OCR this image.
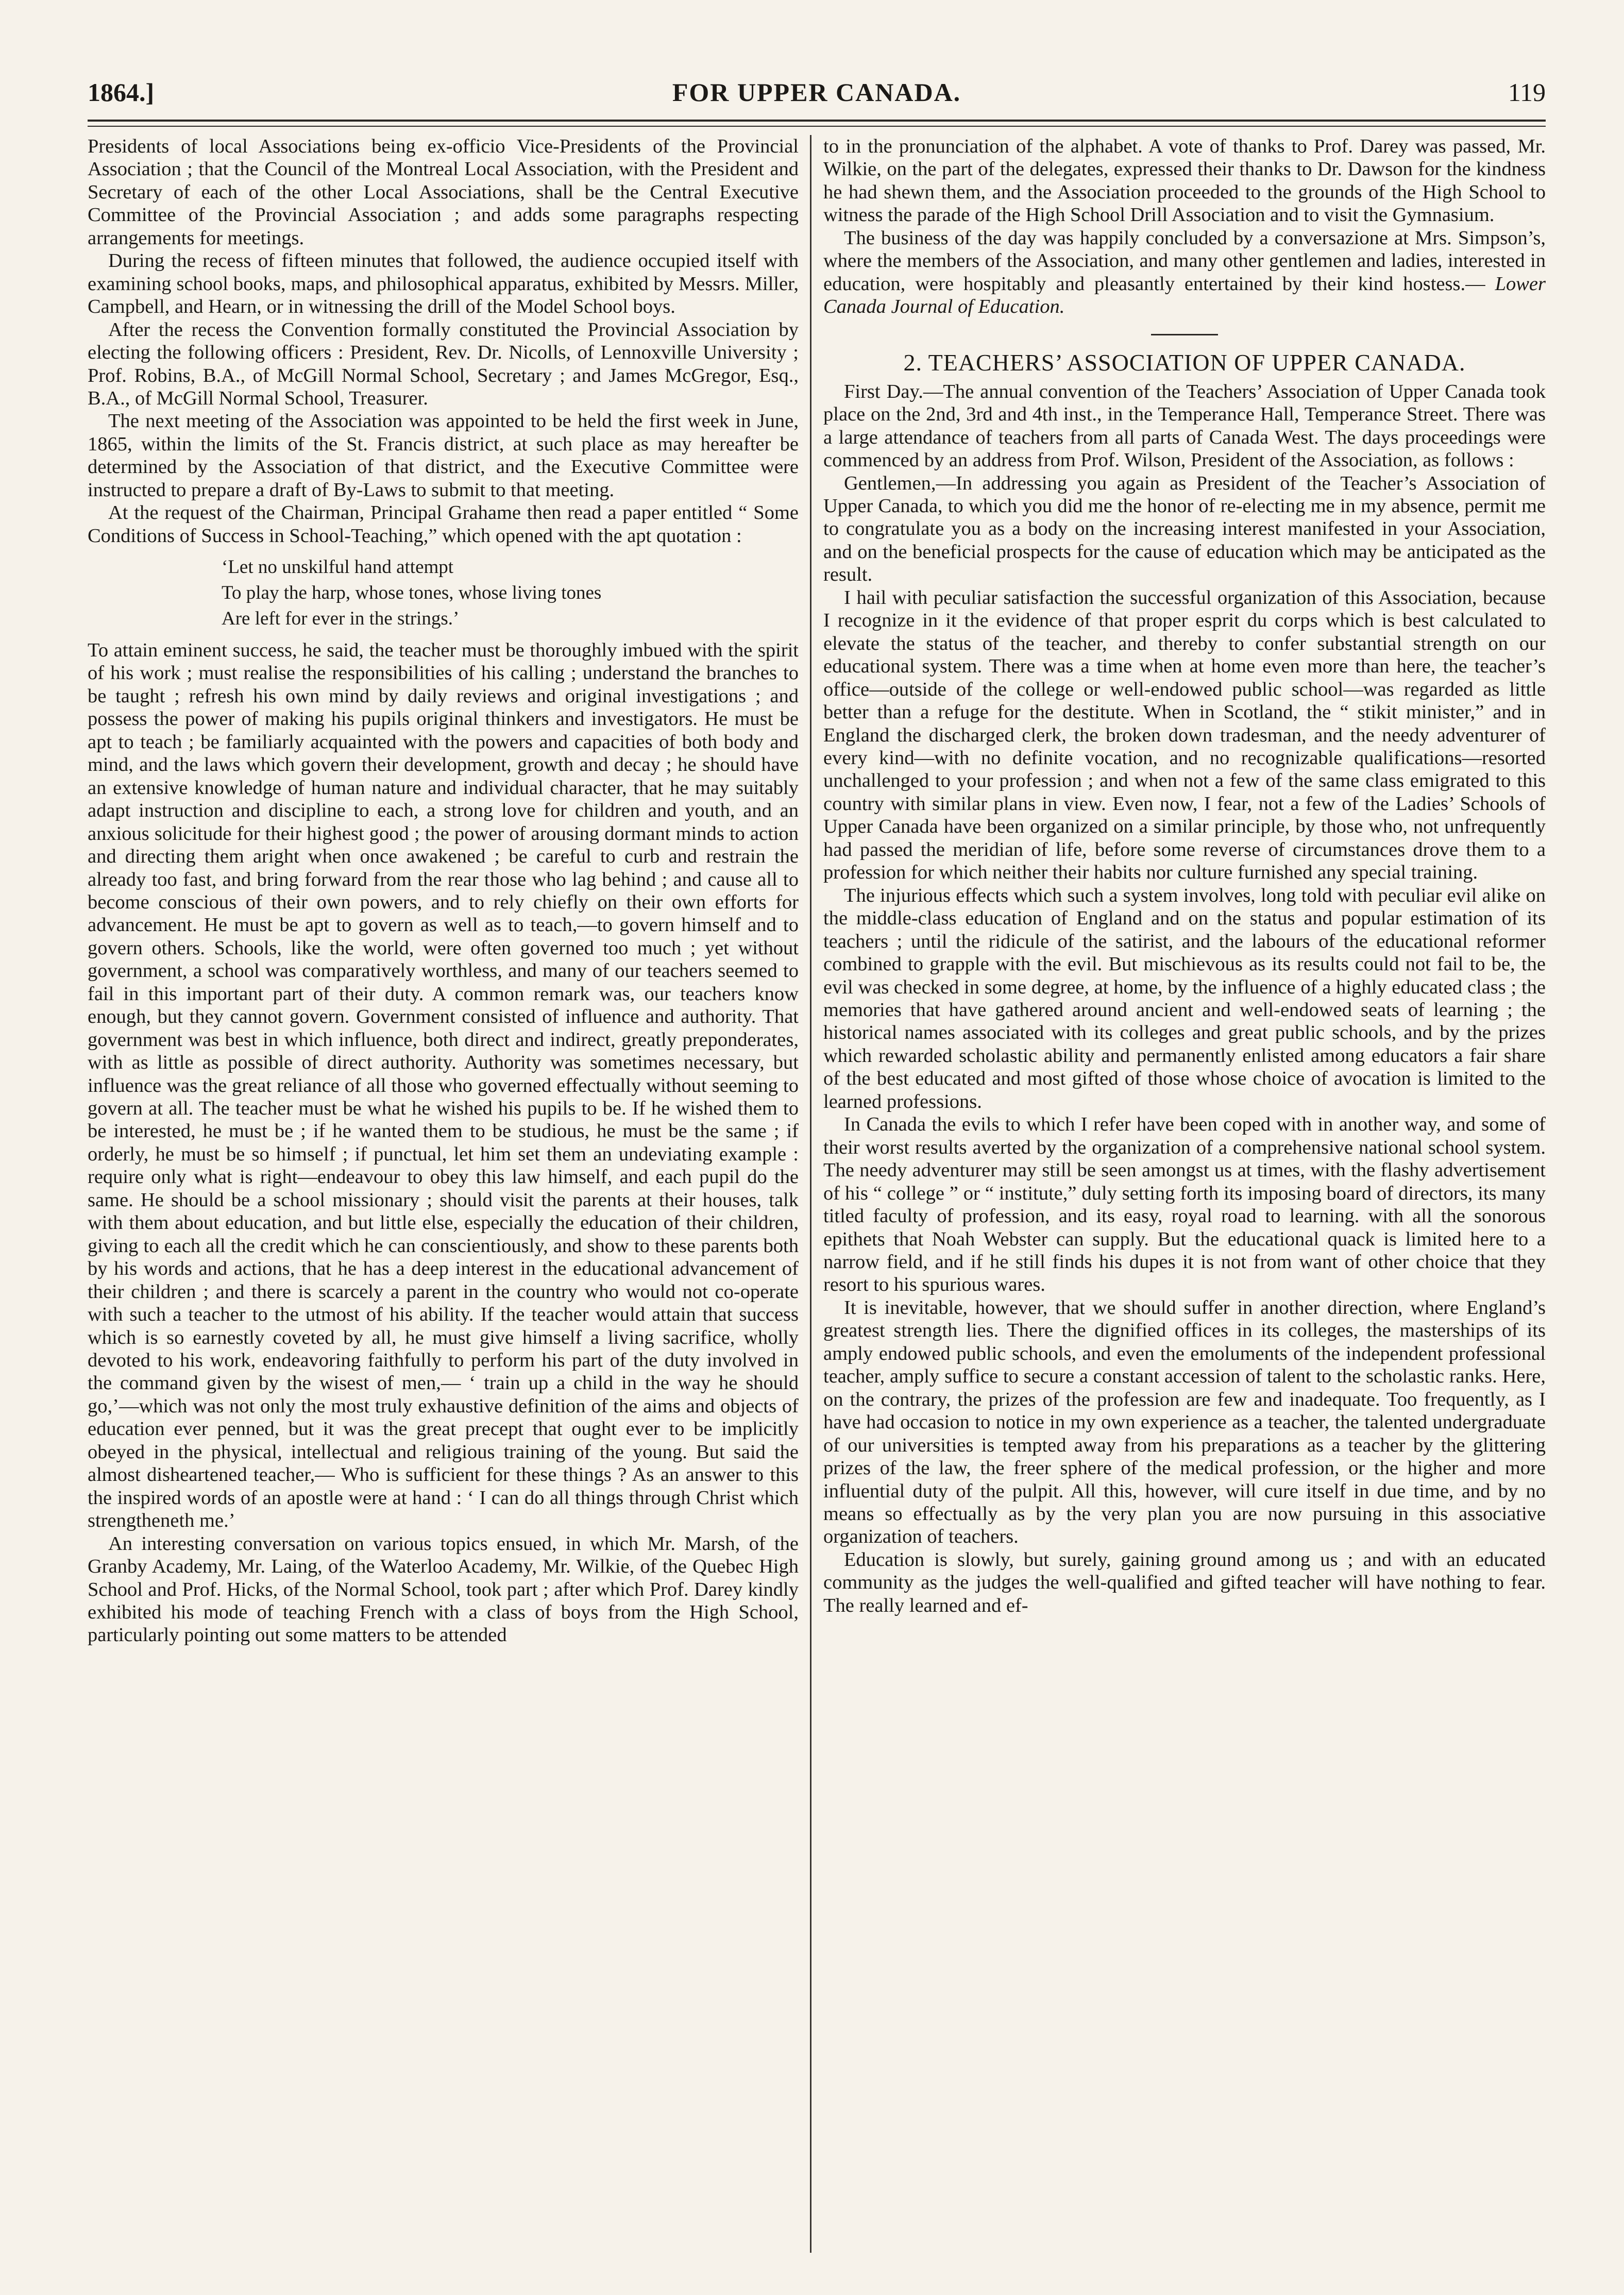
1864.]	FOR UPPER CANADA.	119

Presidents of local Associations being ex-officio Vice-Presidents of the Provincial Association ; that the Council of the Montreal Local Association, with the President and Secretary of each of the other Local Associations, shall be the Central Executive Committee of the Provincial Association ; and adds some paragraphs respecting arrangements for meetings.

During the recess of fifteen minutes that followed, the audience occupied itself with examining school books, maps, and philosophical apparatus, exhibited by Messrs. Miller, Campbell, and Hearn, or in witnessing the drill of the Model School boys.

After the recess the Convention formally constituted the Provincial Association by electing the following officers : President, Rev. Dr. Nicolls, of Lennoxville University ; Prof. Robins, B.A., of McGill Normal School, Secretary ; and James McGregor, Esq., B.A., of McGill Normal School, Treasurer.

The next meeting of the Association was appointed to be held the first week in June, 1865, within the limits of the St. Francis district, at such place as may hereafter be determined by the Association of that district, and the Executive Committee were instructed to prepare a draft of By-Laws to submit to that meeting.

At the request of the Chairman, Principal Grahame then read a paper entitled “ Some Conditions of Success in School-Teaching,” which opened with the apt quotation :

‘Let no unskilful hand attempt
To play the harp, whose tones, whose living tones
Are left for ever in the strings.’

To attain eminent success, he said, the teacher must be thoroughly imbued with the spirit of his work ; must realise the responsibilities of his calling ; understand the branches to be taught ; refresh his own mind by daily reviews and original investigations ; and possess the power of making his pupils original thinkers and investigators. He must be apt to teach ; be familiarly acquainted with the powers and capacities of both body and mind, and the laws which govern their development, growth and decay ; he should have an extensive knowledge of human nature and individual character, that he may suitably adapt instruction and discipline to each, a strong love for children and youth, and an anxious solicitude for their highest good ; the power of arousing dormant minds to action and directing them aright when once awakened ; be careful to curb and restrain the already too fast, and bring forward from the rear those who lag behind ; and cause all to become conscious of their own powers, and to rely chiefly on their own efforts for advancement. He must be apt to govern as well as to teach,—to govern himself and to govern others. Schools, like the world, were often governed too much ; yet without government, a school was comparatively worthless, and many of our teachers seemed to fail in this important part of their duty. A common remark was, our teachers know enough, but they cannot govern. Government consisted of influence and authority. That government was best in which influence, both direct and indirect, greatly preponderates, with as little as possible of direct authority. Authority was sometimes necessary, but influence was the great reliance of all those who governed effectually without seeming to govern at all. The teacher must be what he wished his pupils to be. If he wished them to be interested, he must be ; if he wanted them to be studious, he must be the same ; if orderly, he must be so himself ; if punctual, let him set them an undeviating example : require only what is right—endeavour to obey this law himself, and each pupil do the same. He should be a school missionary ; should visit the parents at their houses, talk with them about education, and but little else, especially the education of their children, giving to each all the credit which he can conscientiously, and show to these parents both by his words and actions, that he has a deep interest in the educational advancement of their children ; and there is scarcely a parent in the country who would not co-operate with such a teacher to the utmost of his ability. If the teacher would attain that success which is so earnestly coveted by all, he must give himself a living sacrifice, wholly devoted to his work, endeavoring faithfully to perform his part of the duty involved in the command given by the wisest of men,— ‘ train up a child in the way he should go,’—which was not only the most truly exhaustive definition of the aims and objects of education ever penned, but it was the great precept that ought ever to be implicitly obeyed in the physical, intellectual and religious training of the young. But said the almost disheartened teacher,— Who is sufficient for these things ? As an answer to this the inspired words of an apostle were at hand : ‘ I can do all things through Christ which strengtheneth me.’

An interesting conversation on various topics ensued, in which Mr. Marsh, of the Granby Academy, Mr. Laing, of the Waterloo Academy, Mr. Wilkie, of the Quebec High School and Prof. Hicks, of the Normal School, took part ; after which Prof. Darey kindly exhibited his mode of teaching French with a class of boys from the High School, particularly pointing out some matters to be attended

to in the pronunciation of the alphabet. A vote of thanks to Prof. Darey was passed, Mr. Wilkie, on the part of the delegates, expressed their thanks to Dr. Dawson for the kindness he had shewn them, and the Association proceeded to the grounds of the High School to witness the parade of the High School Drill Association and to visit the Gymnasium.

The business of the day was happily concluded by a conversazione at Mrs. Simpson’s, where the members of the Association, and many other gentlemen and ladies, interested in education, were hospitably and pleasantly entertained by their kind hostess.— Lower Canada Journal of Education.

2. TEACHERS’ ASSOCIATION OF UPPER CANADA.

First Day.—The annual convention of the Teachers’ Association of Upper Canada took place on the 2nd, 3rd and 4th inst., in the Temperance Hall, Temperance Street. There was a large attendance of teachers from all parts of Canada West. The days proceedings were commenced by an address from Prof. Wilson, President of the Association, as follows :

Gentlemen,—In addressing you again as President of the Teacher’s Association of Upper Canada, to which you did me the honor of re-electing me in my absence, permit me to congratulate you as a body on the increasing interest manifested in your Association, and on the beneficial prospects for the cause of education which may be anticipated as the result.

I hail with peculiar satisfaction the successful organization of this Association, because I recognize in it the evidence of that proper esprit du corps which is best calculated to elevate the status of the teacher, and thereby to confer substantial strength on our educational system. There was a time when at home even more than here, the teacher’s office—outside of the college or well-endowed public school—was regarded as little better than a refuge for the destitute. When in Scotland, the “ stikit minister,” and in England the discharged clerk, the broken down tradesman, and the needy adventurer of every kind—with no definite vocation, and no recognizable qualifications—resorted unchallenged to your profession ; and when not a few of the same class emigrated to this country with similar plans in view. Even now, I fear, not a few of the Ladies’ Schools of Upper Canada have been organized on a similar principle, by those who, not unfrequently had passed the meridian of life, before some reverse of circumstances drove them to a profession for which neither their habits nor culture furnished any special training.

The injurious effects which such a system involves, long told with peculiar evil alike on the middle-class education of England and on the status and popular estimation of its teachers ; until the ridicule of the satirist, and the labours of the educational reformer combined to grapple with the evil. But mischievous as its results could not fail to be, the evil was checked in some degree, at home, by the influence of a highly educated class ; the memories that have gathered around ancient and well-endowed seats of learning ; the historical names associated with its colleges and great public schools, and by the prizes which rewarded scholastic ability and permanently enlisted among educators a fair share of the best educated and most gifted of those whose choice of avocation is limited to the learned professions.

In Canada the evils to which I refer have been coped with in another way, and some of their worst results averted by the organization of a comprehensive national school system. The needy adventurer may still be seen amongst us at times, with the flashy advertisement of his “ college ” or “ institute,” duly setting forth its imposing board of directors, its many titled faculty of profession, and its easy, royal road to learning. with all the sonorous epithets that Noah Webster can supply. But the educational quack is limited here to a narrow field, and if he still finds his dupes it is not from want of other choice that they resort to his spurious wares.

It is inevitable, however, that we should suffer in another direction, where England’s greatest strength lies. There the dignified offices in its colleges, the masterships of its amply endowed public schools, and even the emoluments of the independent professional teacher, amply suffice to secure a constant accession of talent to the scholastic ranks. Here, on the contrary, the prizes of the profession are few and inadequate. Too frequently, as I have had occasion to notice in my own experience as a teacher, the talented undergraduate of our universities is tempted away from his preparations as a teacher by the glittering prizes of the law, the freer sphere of the medical profession, or the higher and more influential duty of the pulpit. All this, however, will cure itself in due time, and by no means so effectually as by the very plan you are now pursuing in this associative organization of teachers.

Education is slowly, but surely, gaining ground among us ; and with an educated community as the judges the well-qualified and gifted teacher will have nothing to fear. The really learned and ef-
